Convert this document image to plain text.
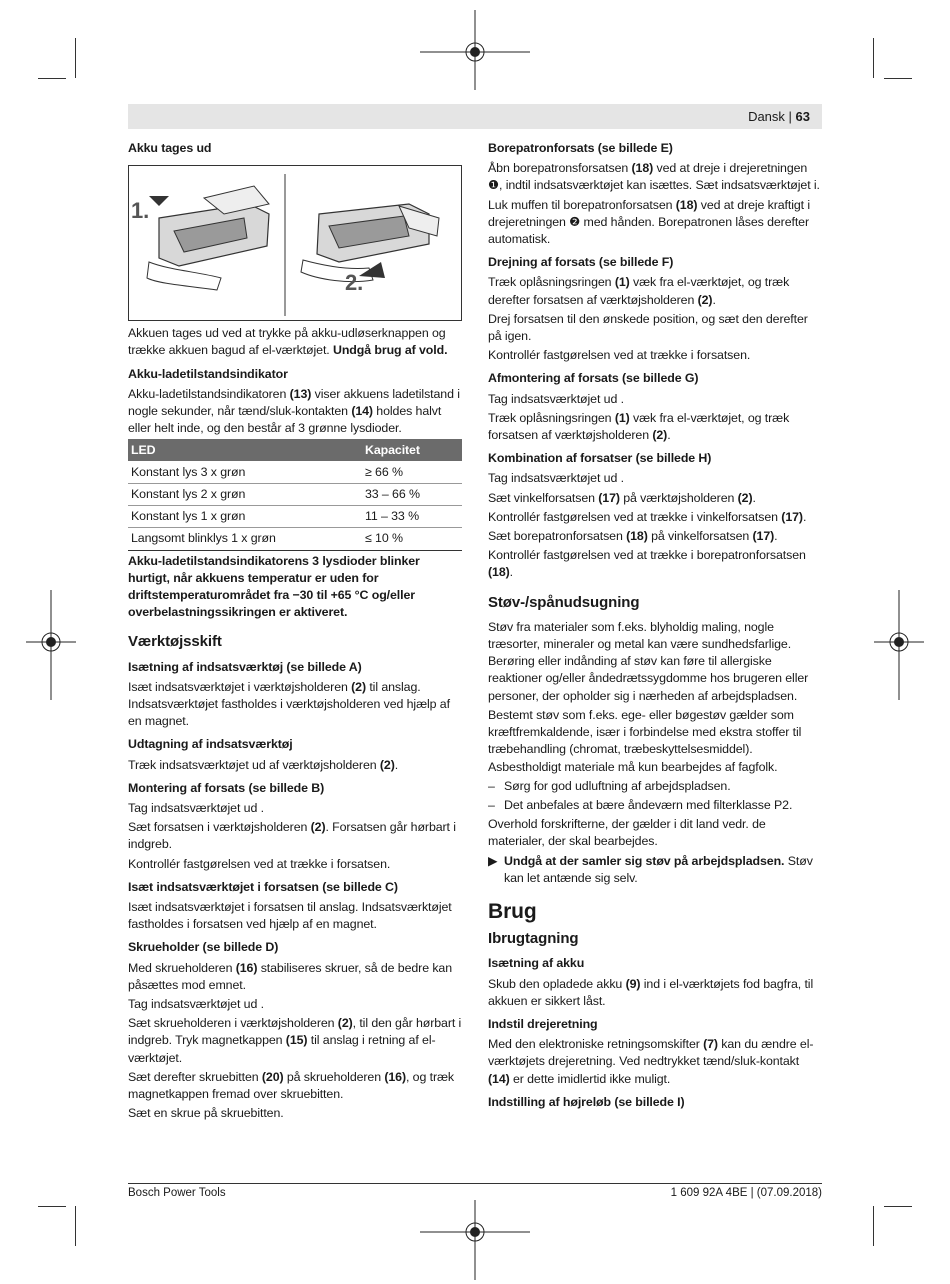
Dansk | 63
Akku tages ud
1.
2.

Akkuen tages ud ved at trykke på akku-udløserknappen og trække akkuen bagud af el-værktøjet. Undgå brug af vold.

Akku-ladetilstandsindikator

Akku-ladetilstandsindikatoren (13) viser akkuens ladetilstand i nogle sekunder, når tænd/sluk-kontakten (14) holdes halvt eller helt inde, og den består af 3 grønne lysdioder.

LED	Kapacitet
Konstant lys 3 x grøn	≥ 66 %
Konstant lys 2 x grøn	33 – 66 %
Konstant lys 1 x grøn	11 – 33 %
Langsomt blinklys 1 x grøn	≤ 10 %

Akku-ladetilstandsindikatorens 3 lysdioder blinker hurtigt, når akkuens temperatur er uden for driftstemperaturområdet fra −30 til +65 °C og/eller overbelastningssikringen er aktiveret.

Værktøjsskift
Isætning af indsatsværktøj (se billede A)

Isæt indsatsværktøjet i værktøjsholderen (2) til anslag. Indsatsværktøjet fastholdes i værktøjsholderen ved hjælp af en magnet.

Udtagning af indsatsværktøj

Træk indsatsværktøjet ud af værktøjsholderen (2).

Montering af forsats (se billede B)

Tag indsatsværktøjet ud .

Sæt forsatsen i værktøjsholderen (2). Forsatsen går hørbart i indgreb.

Kontrollér fastgørelsen ved at trække i forsatsen.

Isæt indsatsværktøjet i forsatsen (se billede C)

Isæt indsatsværktøjet i forsatsen til anslag. Indsatsværktøjet fastholdes i forsatsen ved hjælp af en magnet.

Skrueholder (se billede D)

Med skrueholderen (16) stabiliseres skruer, så de bedre kan påsættes mod emnet.

Tag indsatsværktøjet ud .

Sæt skrueholderen i værktøjsholderen (2), til den går hørbart i indgreb. Tryk magnetkappen (15) til anslag i retning af el-værktøjet.

Sæt derefter skruebitten (20) på skrueholderen (16), og træk magnetkappen fremad over skruebitten.

Sæt en skrue på skruebitten.

Borepatronforsats (se billede E)

Åbn borepatronsforsatsen (18) ved at dreje i drejeretningen ❶, indtil indsatsværktøjet kan isættes. Sæt indsatsværktøjet i.

Luk muffen til borepatronforsatsen (18) ved at dreje kraftigt i drejeretningen ❷ med hånden. Borepatronen låses derefter automatisk.

Drejning af forsats (se billede F)

Træk oplåsningsringen (1) væk fra el-værktøjet, og træk derefter forsatsen af værktøjsholderen (2).

Drej forsatsen til den ønskede position, og sæt den derefter på igen.

Kontrollér fastgørelsen ved at trække i forsatsen.

Afmontering af forsats (se billede G)

Tag indsatsværktøjet ud .

Træk oplåsningsringen (1) væk fra el-værktøjet, og træk forsatsen af værktøjsholderen (2).

Kombination af forsatser (se billede H)

Tag indsatsværktøjet ud .

Sæt vinkelforsatsen (17) på værktøjsholderen (2).

Kontrollér fastgørelsen ved at trække i vinkelforsatsen (17).

Sæt borepatronforsatsen (18) på vinkelforsatsen (17).

Kontrollér fastgørelsen ved at trække i borepatronforsatsen (18).

Støv-/spånudsugning

Støv fra materialer som f.eks. blyholdig maling, nogle træsorter, mineraler og metal kan være sundhedsfarlige. Berøring eller indånding af støv kan føre til allergiske reaktioner og/eller åndedrætssygdomme hos brugeren eller personer, der opholder sig i nærheden af arbejdspladsen.

Bestemt støv som f.eks. ege- eller bøgestøv gælder som kræftfremkaldende, især i forbindelse med ekstra stoffer til træbehandling (chromat, træbeskyttelsesmiddel). Asbestholdigt materiale må kun bearbejdes af fagfolk.

– Sørg for god udluftning af arbejdspladsen.

– Det anbefales at bære åndeværn med filterklasse P2.

Overhold forskrifterne, der gælder i dit land vedr. de materialer, der skal bearbejdes.

▶ Undgå at der samler sig støv på arbejdspladsen. Støv kan let antænde sig selv.

Brug
Ibrugtagning
Isætning af akku

Skub den opladede akku (9) ind i el-værktøjets fod bagfra, til akkuen er sikkert låst.

Indstil drejeretning

Med den elektroniske retningsomskifter (7) kan du ændre el-værktøjets drejeretning. Ved nedtrykket tænd/sluk-kontakt (14) er dette imidlertid ikke muligt.

Indstilling af højreløb (se billede I)
Bosch Power Tools	1 609 92A 4BE | (07.09.2018)
